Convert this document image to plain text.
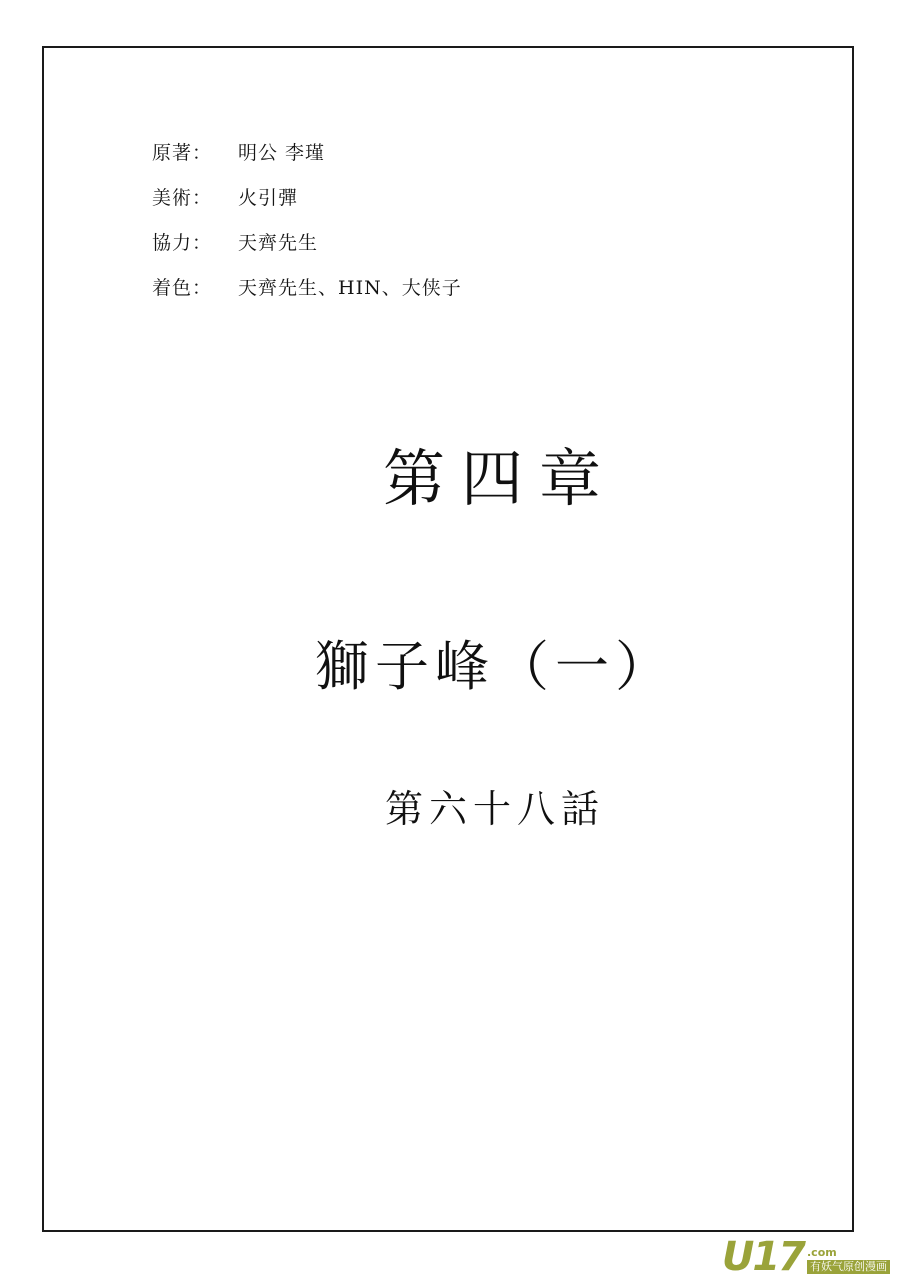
原著： 明公 李瑾
美術： 火引彈
協力： 天齊先生
着色： 天齊先生、HIN、大侠子
第四章
獅子峰（一）
第六十八話
U17 .com
有妖气原创漫画
